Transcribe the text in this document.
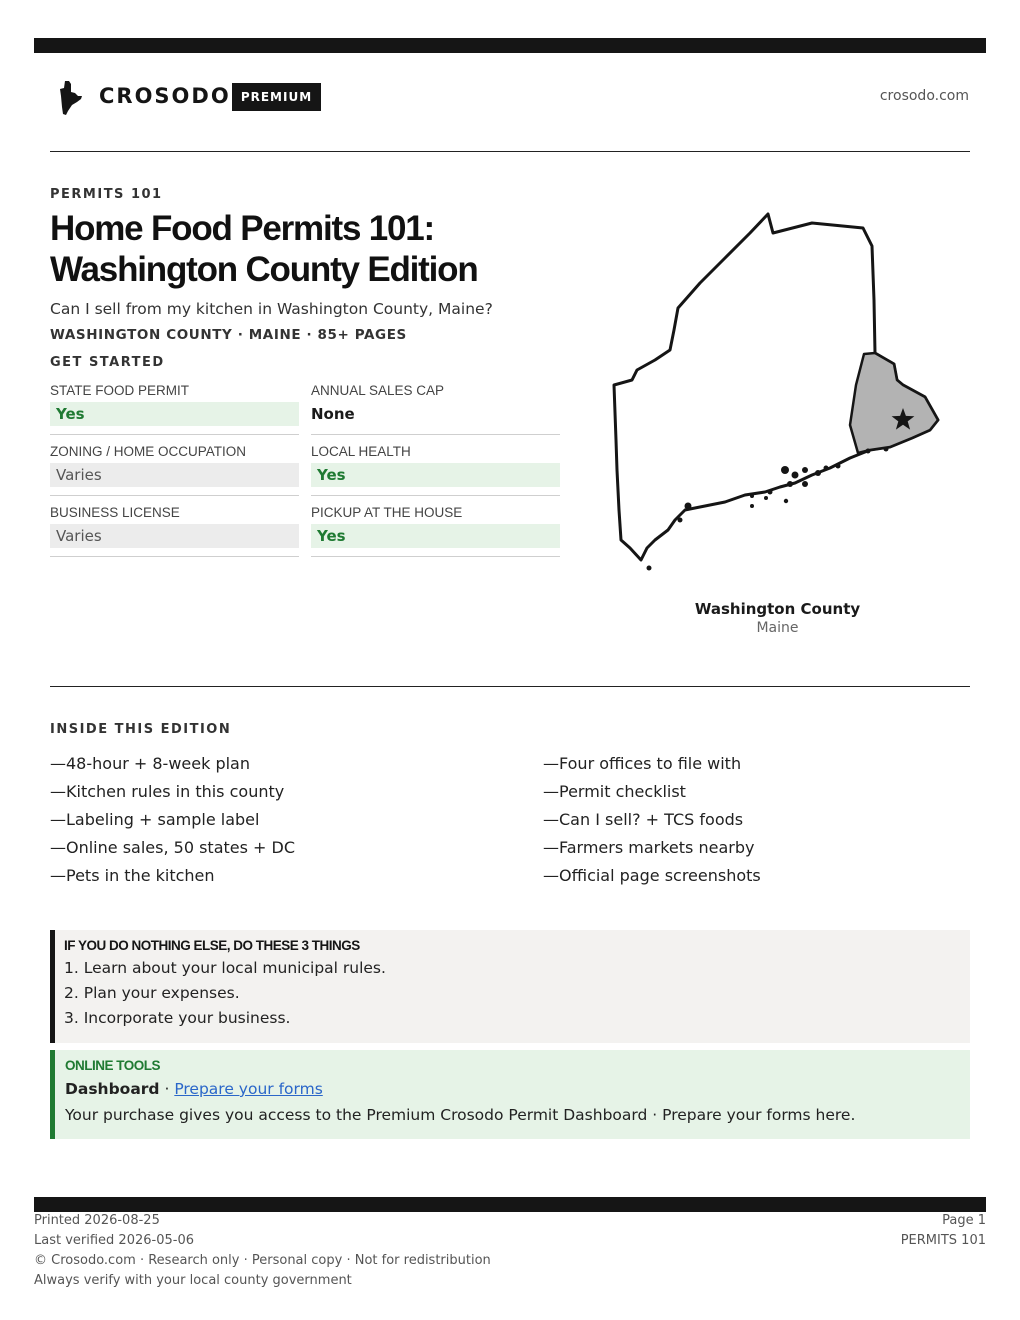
CROSODO PREMIUM	crosodo.com
PERMITS 101
Home Food Permits 101:
Washington County Edition
Can I sell from my kitchen in Washington County, Maine?
WASHINGTON COUNTY · MAINE · 85+ PAGES
GET STARTED
STATE FOOD PERMIT
Yes
ANNUAL SALES CAP
None
ZONING / HOME OCCUPATION
Varies
LOCAL HEALTH
Yes
BUSINESS LICENSE
Varies
PICKUP AT THE HOUSE
Yes
Washington County
Maine
INSIDE THIS EDITION
—48-hour + 8-week plan
—Kitchen rules in this county
—Labeling + sample label
—Online sales, 50 states + DC
—Pets in the kitchen
—Four offices to file with
—Permit checklist
—Can I sell? + TCS foods
—Farmers markets nearby
—Official page screenshots
IF YOU DO NOTHING ELSE, DO THESE 3 THINGS
1. Learn about your local municipal rules.
2. Plan your expenses.
3. Incorporate your business.
ONLINE TOOLS
Dashboard · Prepare your forms
Your purchase gives you access to the Premium Crosodo Permit Dashboard · Prepare your forms here.
Printed 2026-08-25
Last verified 2026-05-06
© Crosodo.com · Research only · Personal copy · Not for redistribution
Always verify with your local county government
Page 1
PERMITS 101
